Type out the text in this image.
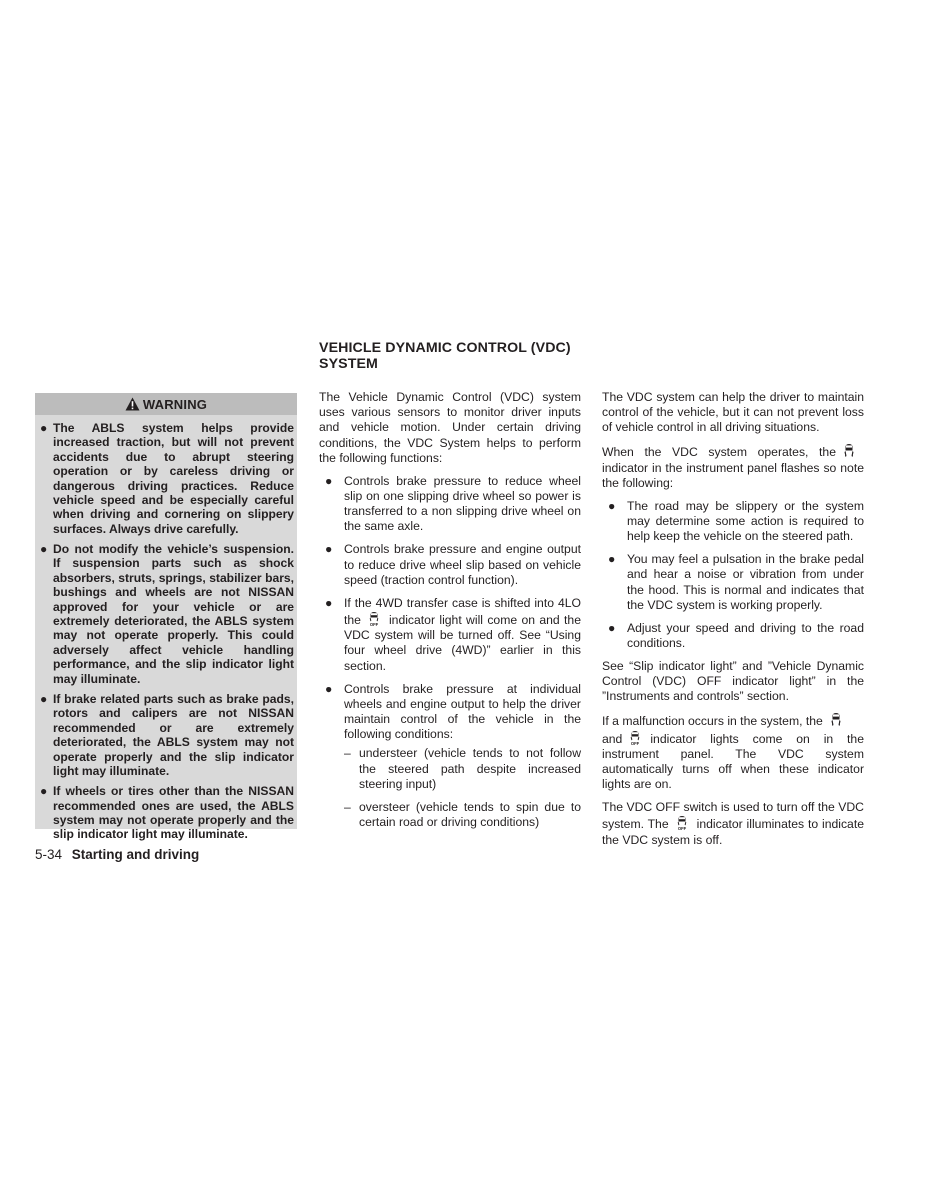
VEHICLE DYNAMIC CONTROL (VDC)
SYSTEM
WARNING
● The ABLS system helps provide increased traction, but will not prevent accidents due to abrupt steering operation or by careless driving or dangerous driving practices. Reduce vehicle speed and be especially careful when driving and cornering on slippery surfaces. Always drive carefully.
● Do not modify the vehicle’s suspension. If suspension parts such as shock absorbers, struts, springs, stabilizer bars, bushings and wheels are not NISSAN approved for your vehicle or are extremely deteriorated, the ABLS system may not operate properly. This could adversely affect vehicle handling performance, and the slip indicator light may illuminate.
● If brake related parts such as brake pads, rotors and calipers are not NISSAN recommended or are extremely deteriorated, the ABLS system may not operate properly and the slip indicator light may illuminate.
● If wheels or tires other than the NISSAN recommended ones are used, the ABLS system may not operate properly and the slip indicator light may illuminate.

The Vehicle Dynamic Control (VDC) system uses various sensors to monitor driver inputs and vehicle motion. Under certain driving conditions, the VDC System helps to perform the following functions:

● Controls brake pressure to reduce wheel slip on one slipping drive wheel so power is transferred to a non slipping drive wheel on the same axle.
● Controls brake pressure and engine output to reduce drive wheel slip based on vehicle speed (traction control function).
● If the 4WD transfer case is shifted into 4LO the OFF indicator light will come on and the VDC system will be turned off. See “Using four wheel drive (4WD)” earlier in this section.
● Controls brake pressure at individual wheels and engine output to help the driver maintain control of the vehicle in the following conditions:
– understeer (vehicle tends to not follow the steered path despite increased steering input)
– oversteer (vehicle tends to spin due to certain road or driving conditions)

The VDC system can help the driver to maintain control of the vehicle, but it can not prevent loss of vehicle control in all driving situations.

When the VDC system operates, the
indicator in the instrument panel flashes so note the following:

● The road may be slippery or the system may determine some action is required to help keep the vehicle on the steered path.
● You may feel a pulsation in the brake pedal and hear a noise or vibration from under the hood. This is normal and indicates that the VDC system is working properly.
● Adjust your speed and driving to the road conditions.

See “Slip indicator light” and ”Vehicle Dynamic Control (VDC) OFF indicator light” in the ”Instruments and controls” section.

If a malfunction occurs in the system, the

and OFF indicator lights come on in the instrument panel. The VDC system automatically turns off when these indicator lights are on.

The VDC OFF switch is used to turn off the VDC system. The OFF indicator illuminates to indicate the VDC system is off.

5-34 Starting and driving
